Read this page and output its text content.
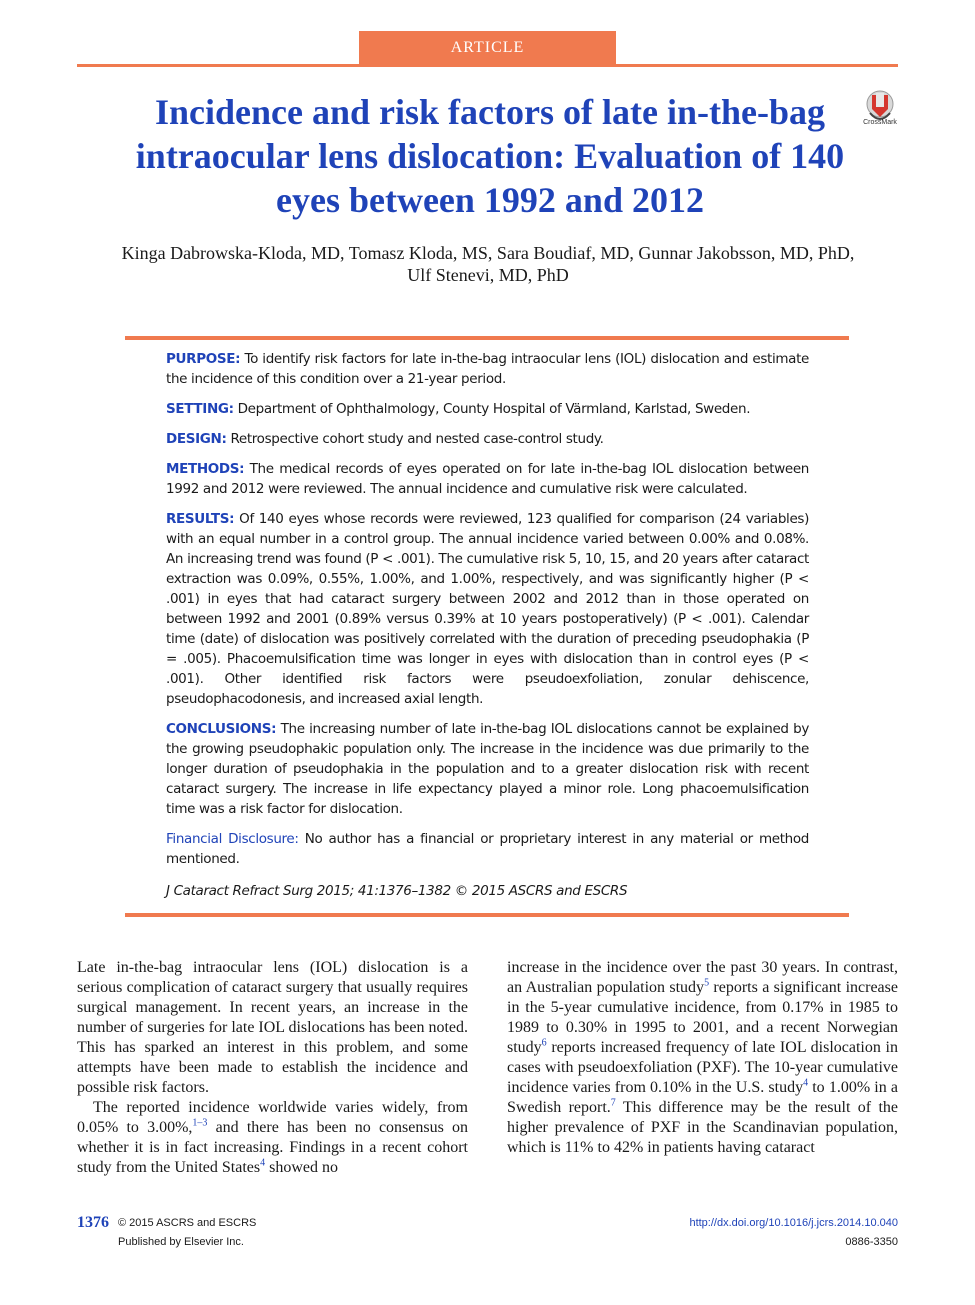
ARTICLE
Incidence and risk factors of late in-the-bag intraocular lens dislocation: Evaluation of 140 eyes between 1992 and 2012
CrossMark
Kinga Dabrowska-Kloda, MD, Tomasz Kloda, MS, Sara Boudiaf, MD, Gunnar Jakobsson, MD, PhD,
Ulf Stenevi, MD, PhD

PURPOSE: To identify risk factors for late in-the-bag intraocular lens (IOL) dislocation and estimate the incidence of this condition over a 21-year period.

SETTING: Department of Ophthalmology, County Hospital of Värmland, Karlstad, Sweden.

DESIGN: Retrospective cohort study and nested case-control study.

METHODS: The medical records of eyes operated on for late in-the-bag IOL dislocation between 1992 and 2012 were reviewed. The annual incidence and cumulative risk were calculated.

RESULTS: Of 140 eyes whose records were reviewed, 123 qualified for comparison (24 variables) with an equal number in a control group. The annual incidence varied between 0.00% and 0.08%. An increasing trend was found (P < .001). The cumulative risk 5, 10, 15, and 20 years after cataract extraction was 0.09%, 0.55%, 1.00%, and 1.00%, respectively, and was significantly higher (P < .001) in eyes that had cataract surgery between 2002 and 2012 than in those operated on between 1992 and 2001 (0.89% versus 0.39% at 10 years postoperatively) (P < .001). Calendar time (date) of dislocation was positively correlated with the duration of preceding pseudophakia (P = .005). Phacoemulsification time was longer in eyes with dislocation than in control eyes (P < .001). Other identified risk factors were pseudoexfoliation, zonular dehiscence, pseudophacodonesis, and increased axial length.

CONCLUSIONS: The increasing number of late in-the-bag IOL dislocations cannot be explained by the growing pseudophakic population only. The increase in the incidence was due primarily to the longer duration of pseudophakia in the population and to a greater dislocation risk with recent cataract surgery. The increase in life expectancy played a minor role. Long phacoemulsification time was a risk factor for dislocation.

Financial Disclosure: No author has a financial or proprietary interest in any material or method mentioned.

J Cataract Refract Surg 2015; 41:1376–1382 © 2015 ASCRS and ESCRS

Late in-the-bag intraocular lens (IOL) dislocation is a serious complication of cataract surgery that usually requires surgical management. In recent years, an increase in the number of surgeries for late IOL dislocations has been noted. This has sparked an interest in this problem, and some attempts have been made to establish the incidence and possible risk factors.

The reported incidence worldwide varies widely, from 0.05% to 3.00%,$^{1-3}$ and there has been no consensus on whether it is in fact increasing. Findings in a recent cohort study from the United States$^4$ showed no

increase in the incidence over the past 30 years. In contrast, an Australian population study$^5$ reports a significant increase in the 5-year cumulative incidence, from 0.17% in 1985 to 1989 to 0.30% in 1995 to 2001, and a recent Norwegian study$^6$ reports increased frequency of late IOL dislocation in cases with pseudoexfoliation (PXF). The 10-year cumulative incidence varies from 0.10% in the U.S. study$^4$ to 1.00% in a Swedish report.$^7$ This difference may be the result of the higher prevalence of PXF in the Scandinavian population, which is 11% to 42% in patients having cataract

1376 © 2015 ASCRS and ESCRS
Published by Elsevier Inc.
http://dx.doi.org/10.1016/j.jcrs.2014.10.040
0886-3350
